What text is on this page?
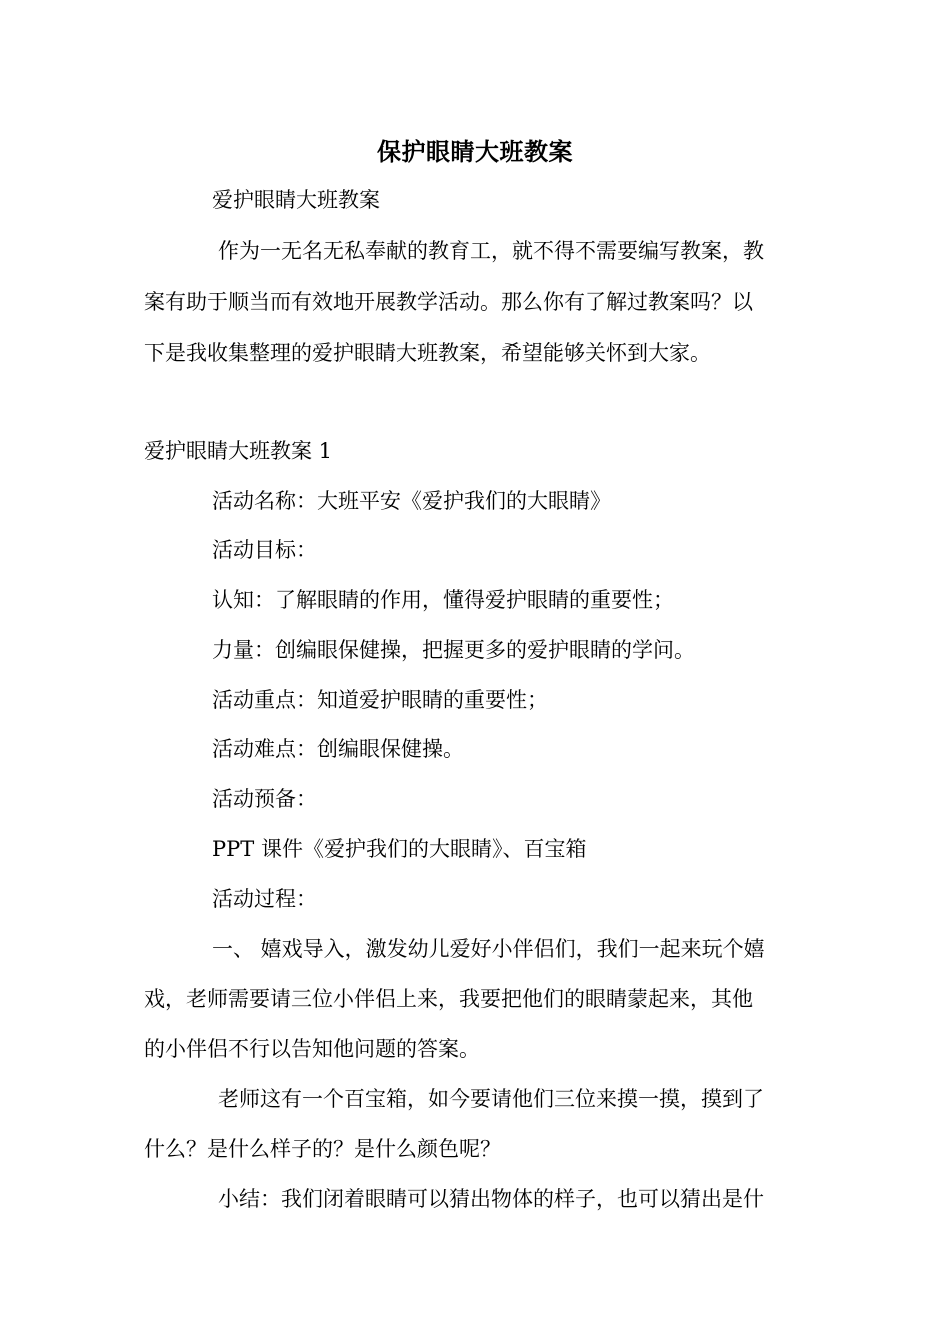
保护眼睛大班教案
爱护眼睛大班教案
作为一无名无私奉献的教育工，就不得不需要编写教案，教
案有助于顺当而有效地开展教学活动。那么你有了解过教案吗？以
下是我收集整理的爱护眼睛大班教案，希望能够关怀到大家。
爱护眼睛大班教案 1
活动名称：大班平安《爱护我们的大眼睛》
活动目标：
认知：了解眼睛的作用，懂得爱护眼睛的重要性；
力量：创编眼保健操，把握更多的爱护眼睛的学问。
活动重点：知道爱护眼睛的重要性；
活动难点：创编眼保健操。
活动预备：
PPT 课件《爱护我们的大眼睛》、百宝箱
活动过程：
一、 嬉戏导入，激发幼儿爱好小伴侣们，我们一起来玩个嬉
戏，老师需要请三位小伴侣上来，我要把他们的眼睛蒙起来，其他
的小伴侣不行以告知他问题的答案。
老师这有一个百宝箱，如今要请他们三位来摸一摸，摸到了
什么？是什么样子的？是什么颜色呢？
小结：我们闭着眼睛可以猜出物体的样子，也可以猜出是什
